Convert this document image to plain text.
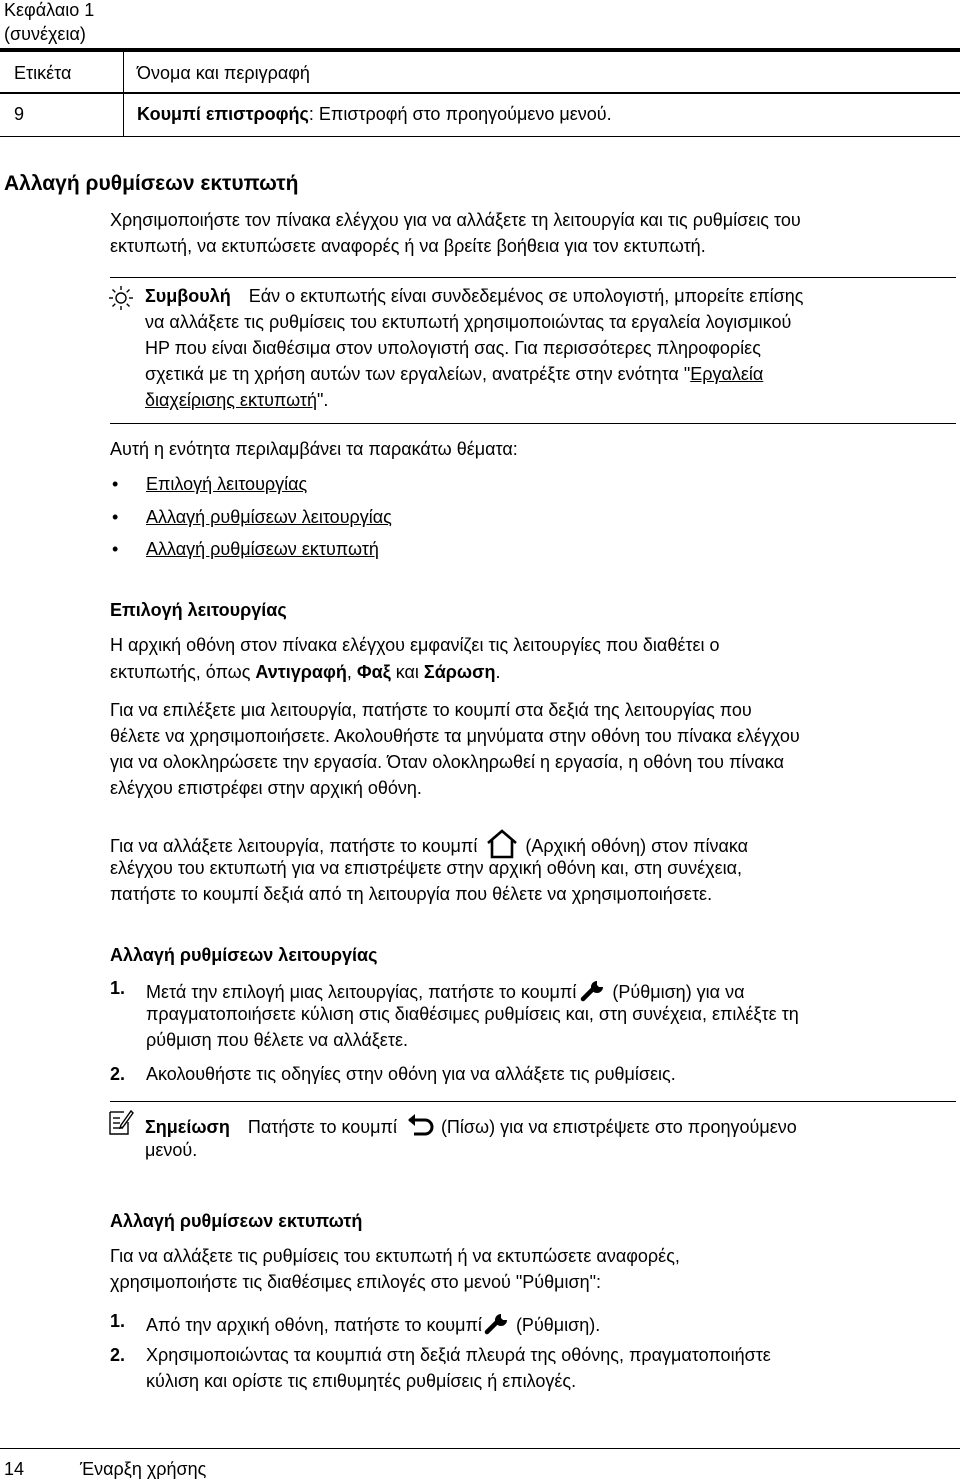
Κεφάλαιο 1
(συνέχεια)
Ετικέτα	Όνομα και περιγραφή
9	Κουμπί επιστροφής: Επιστροφή στο προηγούμενο μενού.
Αλλαγή ρυθμίσεων εκτυπωτή
Χρησιμοποιήστε τον πίνακα ελέγχου για να αλλάξετε τη λειτουργία και τις ρυθμίσεις του
εκτυπωτή, να εκτυπώσετε αναφορές ή να βρείτε βοήθεια για τον εκτυπωτή.
Συμβουλή Εάν ο εκτυπωτής είναι συνδεδεμένος σε υπολογιστή, μπορείτε επίσης
να αλλάξετε τις ρυθμίσεις του εκτυπωτή χρησιμοποιώντας τα εργαλεία λογισμικού
HP που είναι διαθέσιμα στον υπολογιστή σας. Για περισσότερες πληροφορίες
σχετικά με τη χρήση αυτών των εργαλείων, ανατρέξτε στην ενότητα "Εργαλεία
διαχείρισης εκτυπωτή".
Αυτή η ενότητα περιλαμβάνει τα παρακάτω θέματα:
• Επιλογή λειτουργίας
• Αλλαγή ρυθμίσεων λειτουργίας
• Αλλαγή ρυθμίσεων εκτυπωτή
Επιλογή λειτουργίας
Η αρχική οθόνη στον πίνακα ελέγχου εμφανίζει τις λειτουργίες που διαθέτει ο
εκτυπωτής, όπως Αντιγραφή, Φαξ και Σάρωση.
Για να επιλέξετε μια λειτουργία, πατήστε το κουμπί στα δεξιά της λειτουργίας που
θέλετε να χρησιμοποιήσετε. Ακολουθήστε τα μηνύματα στην οθόνη του πίνακα ελέγχου
για να ολοκληρώσετε την εργασία. Όταν ολοκληρωθεί η εργασία, η οθόνη του πίνακα
ελέγχου επιστρέφει στην αρχική οθόνη.
Για να αλλάξετε λειτουργία, πατήστε το κουμπί	(Αρχική οθόνη) στον πίνακα
ελέγχου του εκτυπωτή για να επιστρέψετε στην αρχική οθόνη και, στη συνέχεια,
πατήστε το κουμπί δεξιά από τη λειτουργία που θέλετε να χρησιμοποιήσετε.
Αλλαγή ρυθμίσεων λειτουργίας
1. Μετά την επιλογή μιας λειτουργίας, πατήστε το κουμπί (Ρύθμιση) για να
πραγματοποιήσετε κύλιση στις διαθέσιμες ρυθμίσεις και, στη συνέχεια, επιλέξτε τη
ρύθμιση που θέλετε να αλλάξετε.
2. Ακολουθήστε τις οδηγίες στην οθόνη για να αλλάξετε τις ρυθμίσεις.
Σημείωση Πατήστε το κουμπί (Πίσω) για να επιστρέψετε στο προηγούμενο
μενού.
Αλλαγή ρυθμίσεων εκτυπωτή
Για να αλλάξετε τις ρυθμίσεις του εκτυπωτή ή να εκτυπώσετε αναφορές,
χρησιμοποιήστε τις διαθέσιμες επιλογές στο μενού "Ρύθμιση":
1. Από την αρχική οθόνη, πατήστε το κουμπί (Ρύθμιση).
2. Χρησιμοποιώντας τα κουμπιά στη δεξιά πλευρά της οθόνης, πραγματοποιήστε
κύλιση και ορίστε τις επιθυμητές ρυθμίσεις ή επιλογές.
14	Έναρξη χρήσης
